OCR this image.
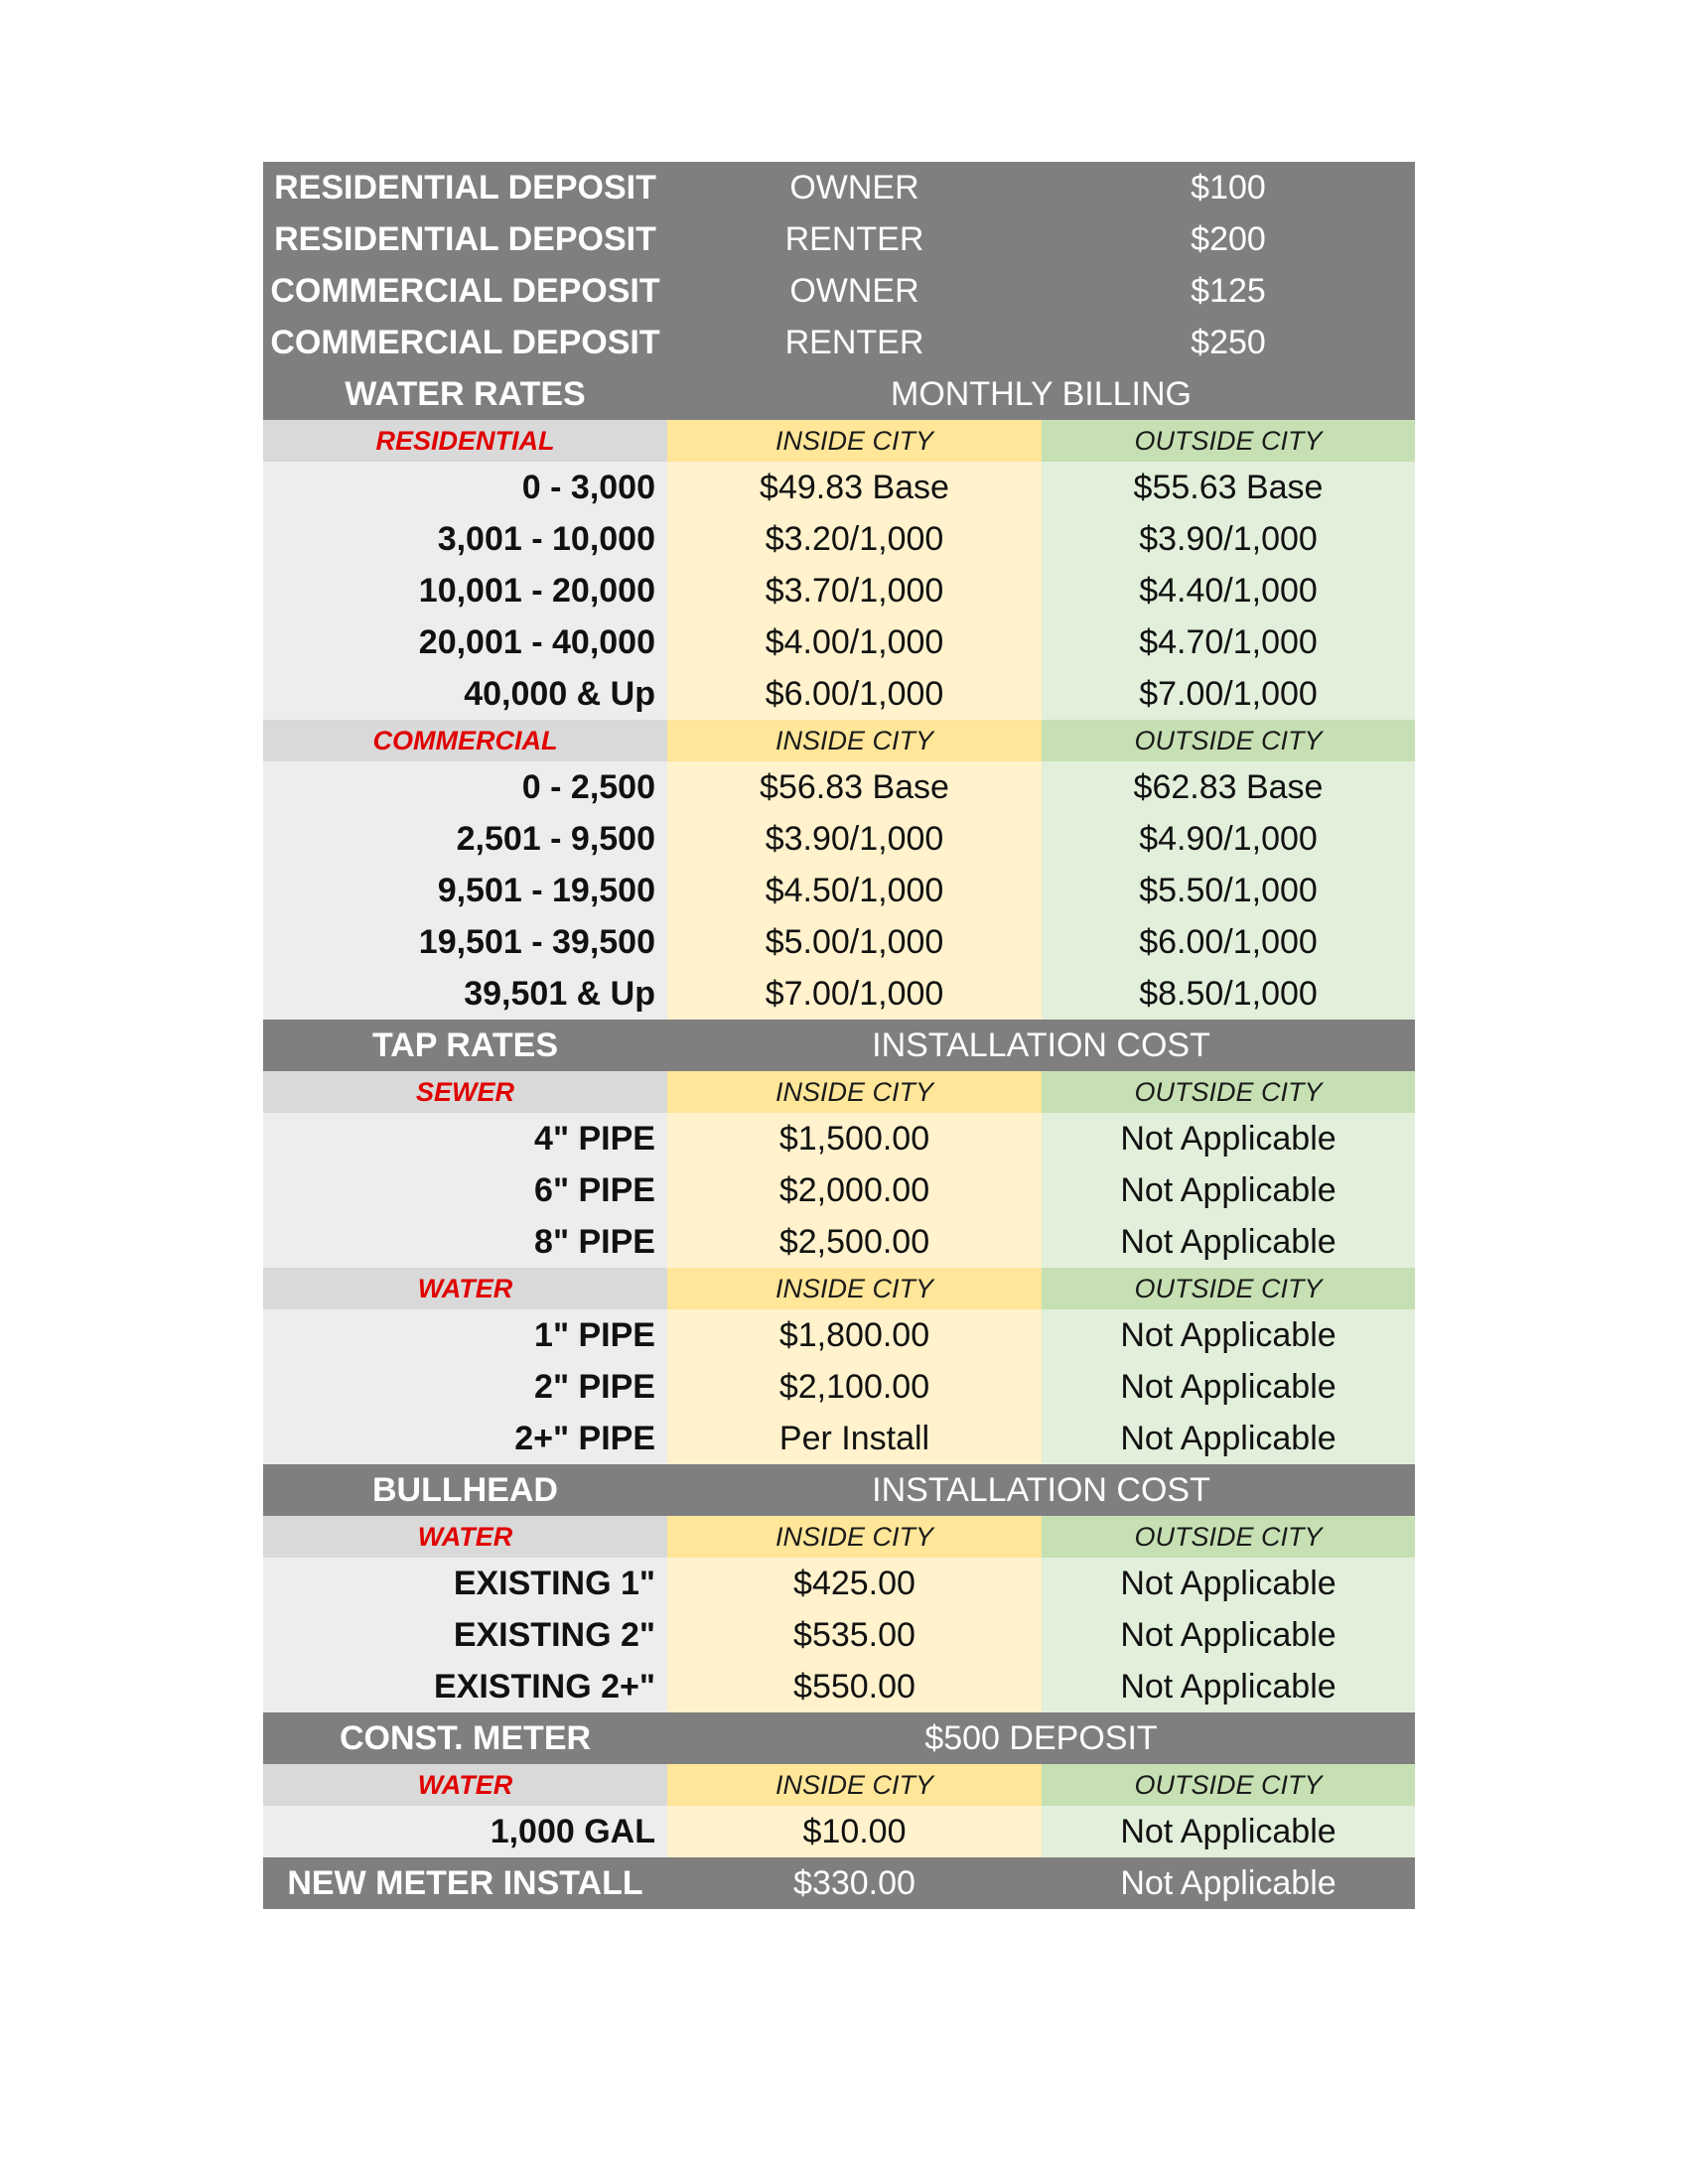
RESIDENTIAL DEPOSIT	OWNER	$100
RESIDENTIAL DEPOSIT	RENTER	$200
COMMERCIAL DEPOSIT	OWNER	$125
COMMERCIAL DEPOSIT	RENTER	$250
WATER RATES	MONTHLY BILLING
RESIDENTIAL	INSIDE CITY	OUTSIDE CITY
0 - 3,000	$49.83 Base	$55.63 Base
3,001 - 10,000	$3.20/1,000	$3.90/1,000
10,001 - 20,000	$3.70/1,000	$4.40/1,000
20,001 - 40,000	$4.00/1,000	$4.70/1,000
40,000 & Up	$6.00/1,000	$7.00/1,000
COMMERCIAL	INSIDE CITY	OUTSIDE CITY
0 - 2,500	$56.83 Base	$62.83 Base
2,501 - 9,500	$3.90/1,000	$4.90/1,000
9,501 - 19,500	$4.50/1,000	$5.50/1,000
19,501 - 39,500	$5.00/1,000	$6.00/1,000
39,501 & Up	$7.00/1,000	$8.50/1,000
TAP RATES	INSTALLATION COST
SEWER	INSIDE CITY	OUTSIDE CITY
4" PIPE	$1,500.00	Not Applicable
6" PIPE	$2,000.00	Not Applicable
8" PIPE	$2,500.00	Not Applicable
WATER	INSIDE CITY	OUTSIDE CITY
1" PIPE	$1,800.00	Not Applicable
2" PIPE	$2,100.00	Not Applicable
2+" PIPE	Per Install	Not Applicable
BULLHEAD	INSTALLATION COST
WATER	INSIDE CITY	OUTSIDE CITY
EXISTING 1"	$425.00	Not Applicable
EXISTING 2"	$535.00	Not Applicable
EXISTING 2+"	$550.00	Not Applicable
CONST. METER	$500 DEPOSIT
WATER	INSIDE CITY	OUTSIDE CITY
1,000 GAL	$10.00	Not Applicable
NEW METER INSTALL	$330.00	Not Applicable
